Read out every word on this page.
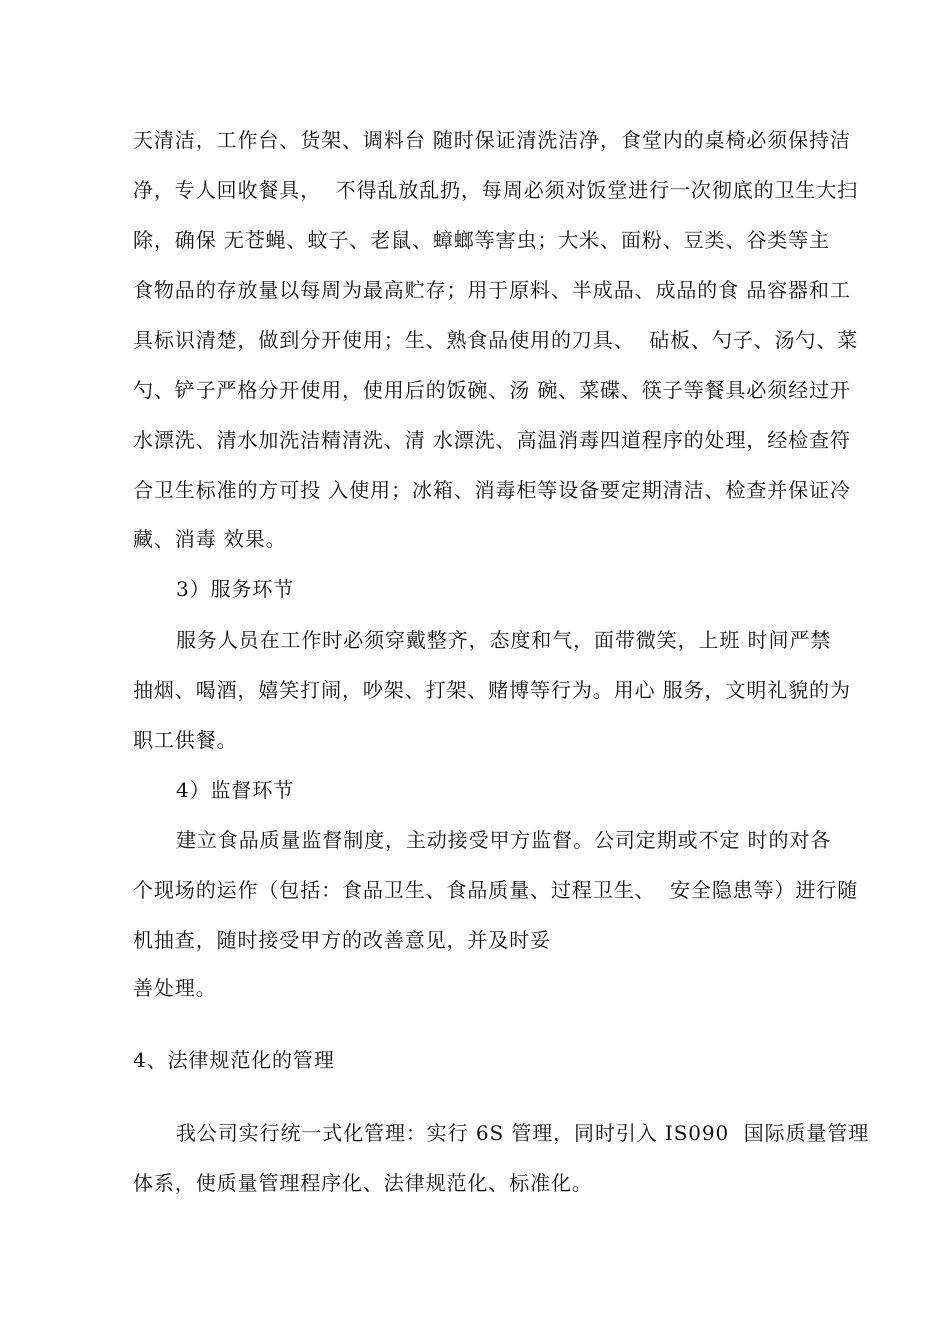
天清洁，工作台、货架、调料台 随时保证清洗洁净，食堂内的桌椅必须保持洁
净，专人回收餐具，  不得乱放乱扔，每周必须对饭堂进行一次彻底的卫生大扫
除，确保 无苍蝇、蚊子、老鼠、蟑螂等害虫；大米、面粉、豆类、谷类等主
食物品的存放量以每周为最高贮存；用于原料、半成品、成品的食 品容器和工
具标识清楚，做到分开使用；生、熟食品使用的刀具、  砧板、勺子、汤勺、菜
勺、铲子严格分开使用，使用后的饭碗、汤 碗、菜碟、筷子等餐具必须经过开
水漂洗、清水加洗洁精清洗、清 水漂洗、高温消毒四道程序的处理，经检查符
合卫生标准的方可投 入使用；冰箱、消毒柜等设备要定期清洁、检查并保证冷
藏、消毒 效果。
3）服务环节
服务人员在工作时必须穿戴整齐，态度和气，面带微笑，上班 时间严禁
抽烟、喝酒，嬉笑打闹，吵架、打架、赌博等行为。用心 服务，文明礼貌的为
职工供餐。
4）监督环节
建立食品质量监督制度，主动接受甲方监督。公司定期或不定 时的对各
个现场的运作（包括：食品卫生、食品质量、过程卫生、  安全隐患等）进行随
机抽查，随时接受甲方的改善意见，并及时妥
善处理。
4、法律规范化的管理
我公司实行统一式化管理：实行 6S 管理，同时引入 IS090  国际质量管理
体系，使质量管理程序化、法律规范化、标准化。
